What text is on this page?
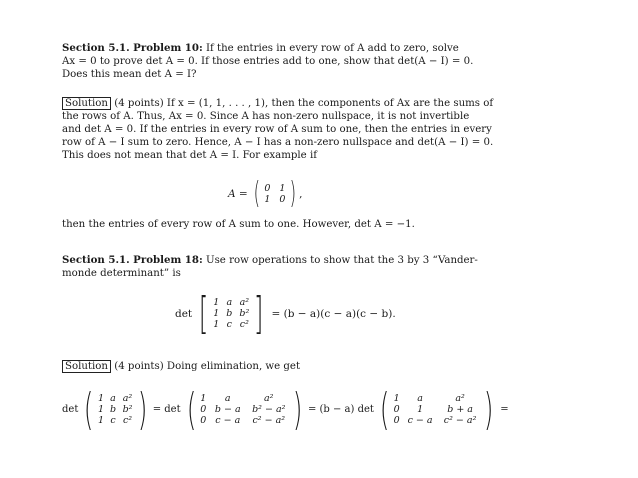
Section 5.1. Problem 10: If the entries in every row of A add to zero, solve

Ax = 0 to prove det A = 0. If those entries add to one, show that det(A − I) = 0.

Does this mean det A = I?

Solution (4 points) If x = (1, 1, . . . , 1), then the components of Ax are the sums of

the rows of A. Thus, Ax = 0. Since A has non-zero nullspace, it is not invertible

and det A = 0. If the entries in every row of A sum to one, then the entries in every

row of A − I sum to zero. Hence, A − I has a non-zero nullspace and det(A − I) = 0.

This does not mean that det A = I. For example if

A = ( 0 1
1 0 ) ,

then the entries of every row of A sum to one. However, det A = −1.

Section 5.1. Problem 18: Use row operations to show that the 3 by 3 “Vander-

monde determinant” is

det [ 1 a a²
1 b b²
1 c c² ] = (b − a)(c − a)(c − b).

Solution (4 points) Doing elimination, we get

det ( 1 a a²
1 b b²
1 c c² ) = det ( 1	a	a²
0 b − a	b² − a²
0 c − a	c² − a² ) = (b − a) det ( 1	a	a²
0	1	b + a
0 c − a	c² − a² ) =
